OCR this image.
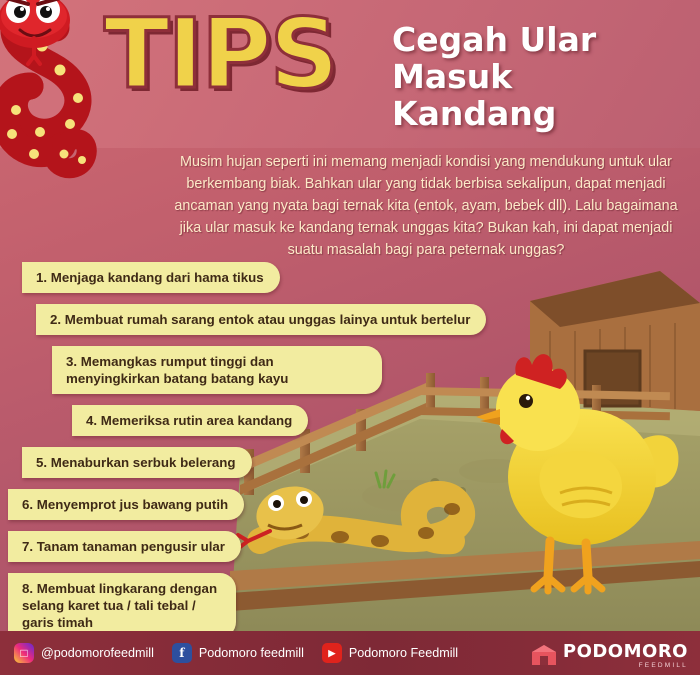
TIPS Cegah Ular
Masuk
Kandang
Musim hujan seperti ini memang menjadi kondisi yang mendukung untuk ular berkembang biak. Bahkan ular yang tidak berbisa sekalipun, dapat menjadi ancaman yang nyata bagi ternak kita (entok, ayam, bebek dll). Lalu bagaimana jika ular masuk ke kandang ternak unggas kita? Bukan kah, ini dapat menjadi suatu masalah bagi para peternak unggas?
1. Menjaga kandang dari hama tikus
2. Membuat rumah sarang entok atau unggas lainya untuk bertelur
3. Memangkas rumput tinggi dan menyingkirkan batang batang kayu
4. Memeriksa rutin area kandang
5. Menaburkan serbuk belerang
6. Menyemprot jus bawang putih
7. Tanam tanaman pengusir ular
8. Membuat lingkarang dengan selang karet tua / tali tebal / garis timah
□	@podomorofeedmill	f	Podomoro feedmill	▶	Podomoro Feedmill	PODOMORO
FEEDMILL
